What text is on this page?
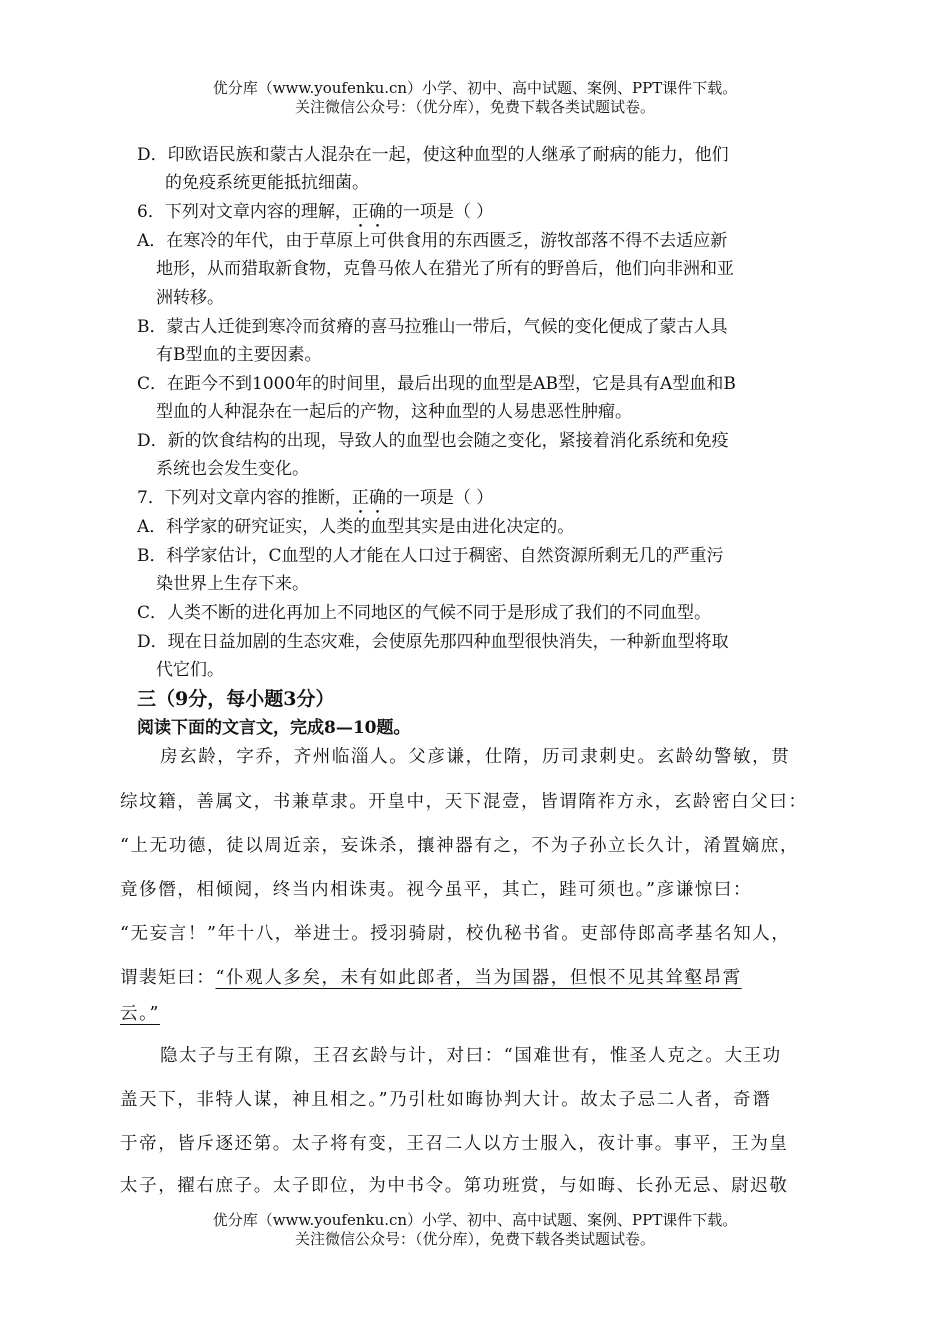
优分库（www.youfenku.cn）小学、初中、高中试题、案例、PPT课件下载。
关注微信公众号：（优分库），免费下载各类试题试卷。
D．印欧语民族和蒙古人混杂在一起，使这种血型的人继承了耐病的能力，他们
的免疫系统更能抵抗细菌。
6．下列对文章内容的理解，正确的一项是（ ）
A．在寒冷的年代，由于草原上可供食用的东西匮乏，游牧部落不得不去适应新
地形，从而猎取新食物，克鲁马侬人在猎光了所有的野兽后，他们向非洲和亚
洲转移。
B．蒙古人迁徙到寒冷而贫瘠的喜马拉雅山一带后，气候的变化便成了蒙古人具
有B型血的主要因素。
C．在距今不到1000年的时间里，最后出现的血型是AB型，它是具有A型血和B
型血的人种混杂在一起后的产物，这种血型的人易患恶性肿瘤。
D．新的饮食结构的出现，导致人的血型也会随之变化，紧接着消化系统和免疫
系统也会发生变化。
7．下列对文章内容的推断，正确的一项是（ ）
A．科学家的研究证实，人类的血型其实是由进化决定的。
B．科学家估计，C血型的人才能在人口过于稠密、自然资源所剩无几的严重污
染世界上生存下来。
C．人类不断的进化再加上不同地区的气候不同于是形成了我们的不同血型。
D．现在日益加剧的生态灾难，会使原先那四种血型很快消失，一种新血型将取
代它们。
三（9分，每小题3分）
阅读下面的文言文，完成8—10题。
房玄龄，字乔，齐州临淄人。父彦谦，仕隋，历司隶刺史。玄龄幼警敏，贯
综坟籍，善属文，书兼草隶。开皇中，天下混壹，皆谓隋祚方永，玄龄密白父曰：
“上无功德，徒以周近亲，妄诛杀，攘神器有之，不为子孙立长久计，淆置嫡庶，
竟侈僭，相倾阋，终当内相诛夷。视今虽平，其亡，跬可须也。”彦谦惊曰：
“无妄言！”年十八，举进士。授羽骑尉，校仇秘书省。吏部侍郎高孝基名知人，
谓裴矩曰：“仆观人多矣，未有如此郎者，当为国器，但恨不见其耸壑昂霄
云。”
隐太子与王有隙，王召玄龄与计，对曰：“国难世有，惟圣人克之。大王功
盖天下，非特人谋，神且相之。”乃引杜如晦协判大计。故太子忌二人者，奇谮
于帝，皆斥逐还第。太子将有变，王召二人以方士服入，夜计事。事平，王为皇
太子，擢右庶子。太子即位，为中书令。第功班赏，与如晦、长孙无忌、尉迟敬
优分库（www.youfenku.cn）小学、初中、高中试题、案例、PPT课件下载。
关注微信公众号：（优分库），免费下载各类试题试卷。
